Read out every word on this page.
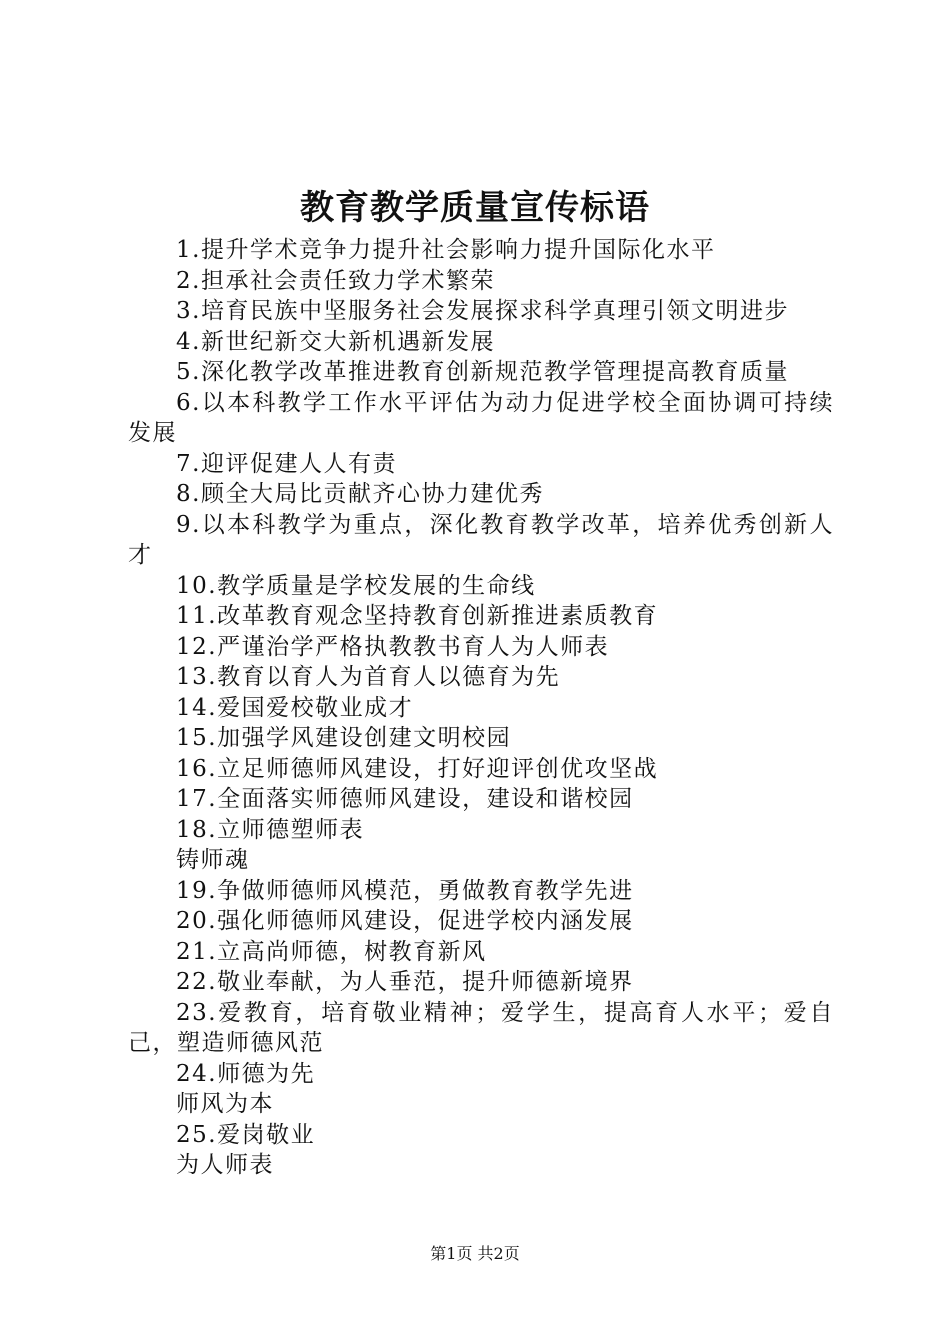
教育教学质量宣传标语

1.提升学术竞争力提升社会影响力提升国际化水平

2.担承社会责任致力学术繁荣

3.培育民族中坚服务社会发展探求科学真理引领文明进步

4.新世纪新交大新机遇新发展

5.深化教学改革推进教育创新规范教学管理提高教育质量

6.以本科教学工作水平评估为动力促进学校全面协调可持续发展

7.迎评促建人人有责

8.顾全大局比贡献齐心协力建优秀

9.以本科教学为重点，深化教育教学改革，培养优秀创新人才

10.教学质量是学校发展的生命线

11.改革教育观念坚持教育创新推进素质教育

12.严谨治学严格执教教书育人为人师表

13.教育以育人为首育人以德育为先

14.爱国爱校敬业成才

15.加强学风建设创建文明校园

16.立足师德师风建设，打好迎评创优攻坚战

17.全面落实师德师风建设，建设和谐校园

18.立师德塑师表

铸师魂

19.争做师德师风模范，勇做教育教学先进

20.强化师德师风建设，促进学校内涵发展

21.立高尚师德，树教育新风

22.敬业奉献，为人垂范，提升师德新境界

23.爱教育，培育敬业精神；爱学生，提高育人水平；爱自己，塑造师德风范

24.师德为先

师风为本

25.爱岗敬业

为人师表

第1页 共2页
